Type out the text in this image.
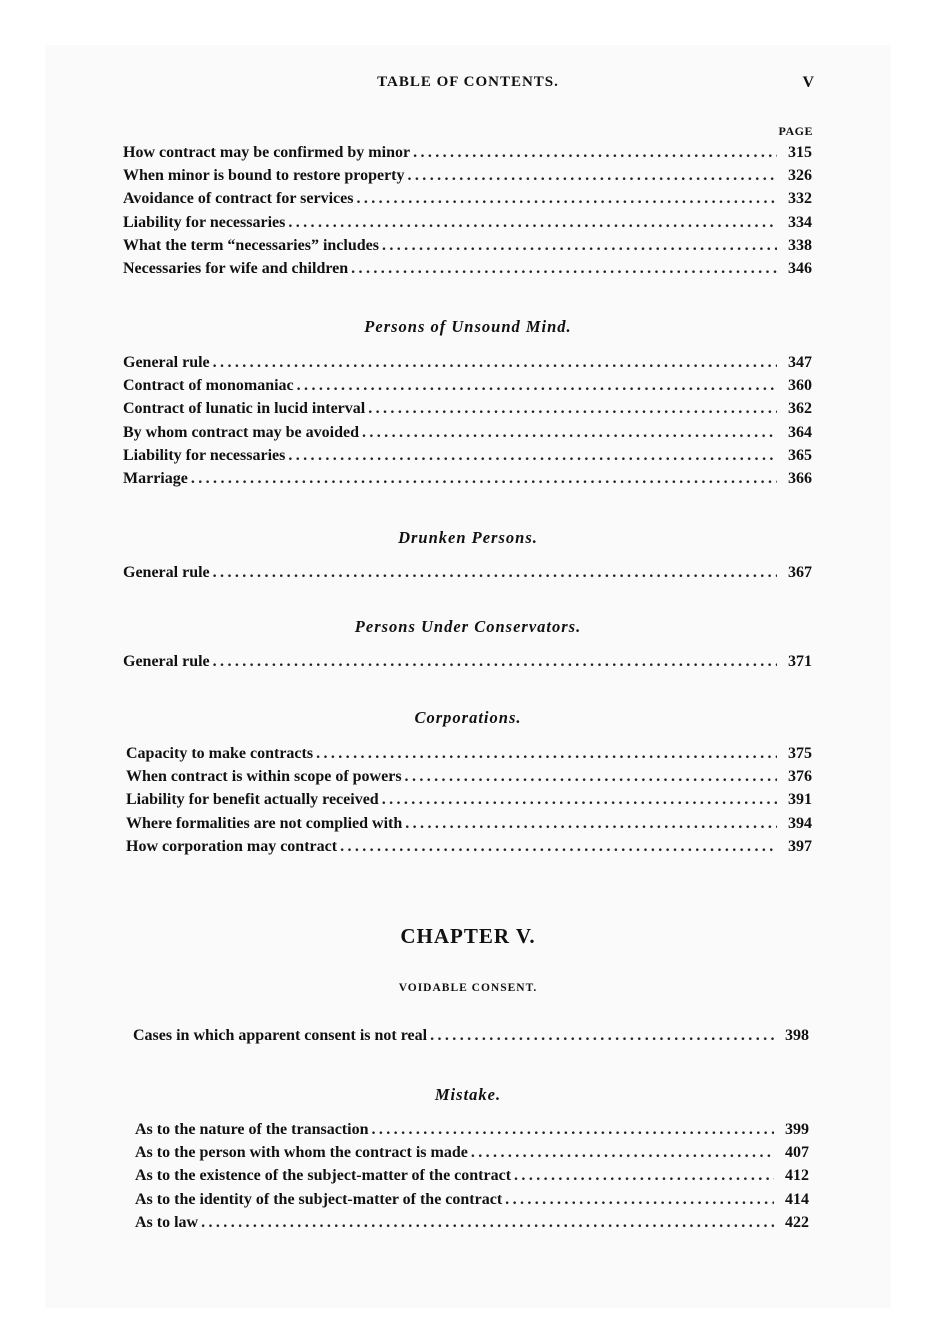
TABLE OF CONTENTS.	V
PAGE
How contract may be confirmed by minor .....	315
When minor is bound to restore property .....	326
Avoidance of contract for services .....	332
Liability for necessaries .....	334
What the term “necessaries” includes .....	338
Necessaries for wife and children .....	346
Persons of Unsound Mind.
General rule .....	347
Contract of monomaniac .....	360
Contract of lunatic in lucid interval .....	362
By whom contract may be avoided .....	364
Liability for necessaries .....	365
Marriage .....	366
Drunken Persons.
General rule .....	367
Persons Under Conservators.
General rule .....	371
Corporations.
Capacity to make contracts .....	375
When contract is within scope of powers .....	376
Liability for benefit actually received .....	391
Where formalities are not complied with .....	394
How corporation may contract .....	397
CHAPTER V.
VOIDABLE CONSENT.
Cases in which apparent consent is not real .....	398
Mistake.
As to the nature of the transaction .....	399
As to the person with whom the contract is made .....	407
As to the existence of the subject-matter of the contract .....	412
As to the identity of the subject-matter of the contract .....	414
As to law .....	422
